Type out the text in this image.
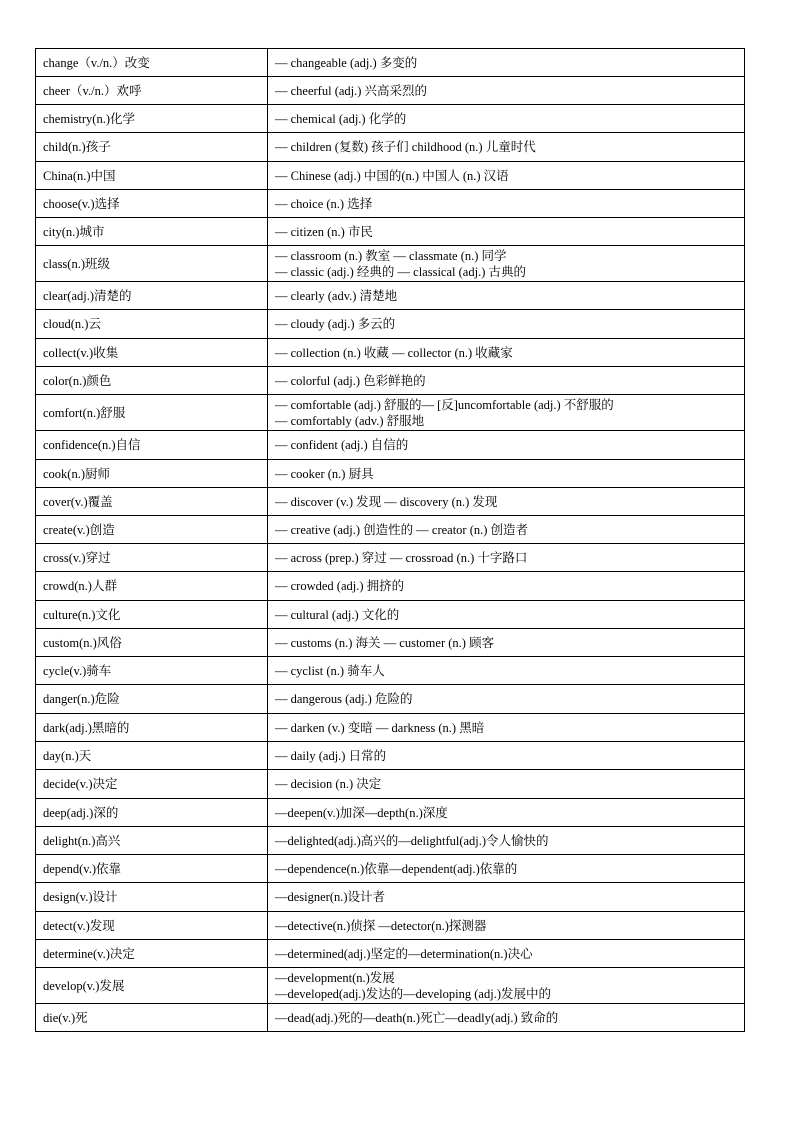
change（v./n.）改变	— changeable (adj.) 多变的

cheer（v./n.）欢呼	— cheerful (adj.) 兴高采烈的

chemistry(n.)化学	— chemical (adj.) 化学的

child(n.)孩子	— children (复数) 孩子们 childhood (n.) 儿童时代

China(n.)中国	— Chinese (adj.) 中国的(n.) 中国人 (n.) 汉语

choose(v.)选择	— choice (n.) 选择

city(n.)城市	— citizen (n.) 市民

class(n.)班级	— classroom (n.) 教室 — classmate (n.) 同学
— classic (adj.) 经典的 — classical (adj.) 古典的

clear(adj.)清楚的	— clearly (adv.) 清楚地

cloud(n.)云	— cloudy (adj.) 多云的

collect(v.)收集	— collection (n.) 收藏 — collector (n.) 收藏家

color(n.)颜色	— colorful (adj.) 色彩鲜艳的

comfort(n.)舒服	— comfortable (adj.) 舒服的— [反]uncomfortable (adj.) 不舒服的
— comfortably (adv.) 舒服地

confidence(n.)自信	— confident (adj.) 自信的

cook(n.)厨师	— cooker (n.) 厨具

cover(v.)覆盖	— discover (v.) 发现 — discovery (n.) 发现

create(v.)创造	— creative (adj.) 创造性的 — creator (n.) 创造者

cross(v.)穿过	— across (prep.) 穿过 — crossroad (n.) 十字路口

crowd(n.)人群	— crowded (adj.) 拥挤的

culture(n.)文化	— cultural (adj.) 文化的

custom(n.)风俗	— customs (n.) 海关 — customer (n.) 顾客

cycle(v.)骑车	— cyclist (n.) 骑车人

danger(n.)危险	— dangerous (adj.) 危险的

dark(adj.)黑暗的	— darken (v.) 变暗 — darkness (n.) 黑暗

day(n.)天	— daily (adj.) 日常的

decide(v.)决定	— decision (n.) 决定

deep(adj.)深的	—deepen(v.)加深—depth(n.)深度

delight(n.)高兴	—delighted(adj.)高兴的—delightful(adj.)令人愉快的

depend(v.)依靠	—dependence(n.)依靠—dependent(adj.)依靠的

design(v.)设计	—designer(n.)设计者

detect(v.)发现	—detective(n.)侦探 —detector(n.)探测器

determine(v.)决定	—determined(adj.)坚定的—determination(n.)决心

develop(v.)发展	—development(n.)发展
—developed(adj.)发达的—developing (adj.)发展中的

die(v.)死	—dead(adj.)死的—death(n.)死亡—deadly(adj.) 致命的
